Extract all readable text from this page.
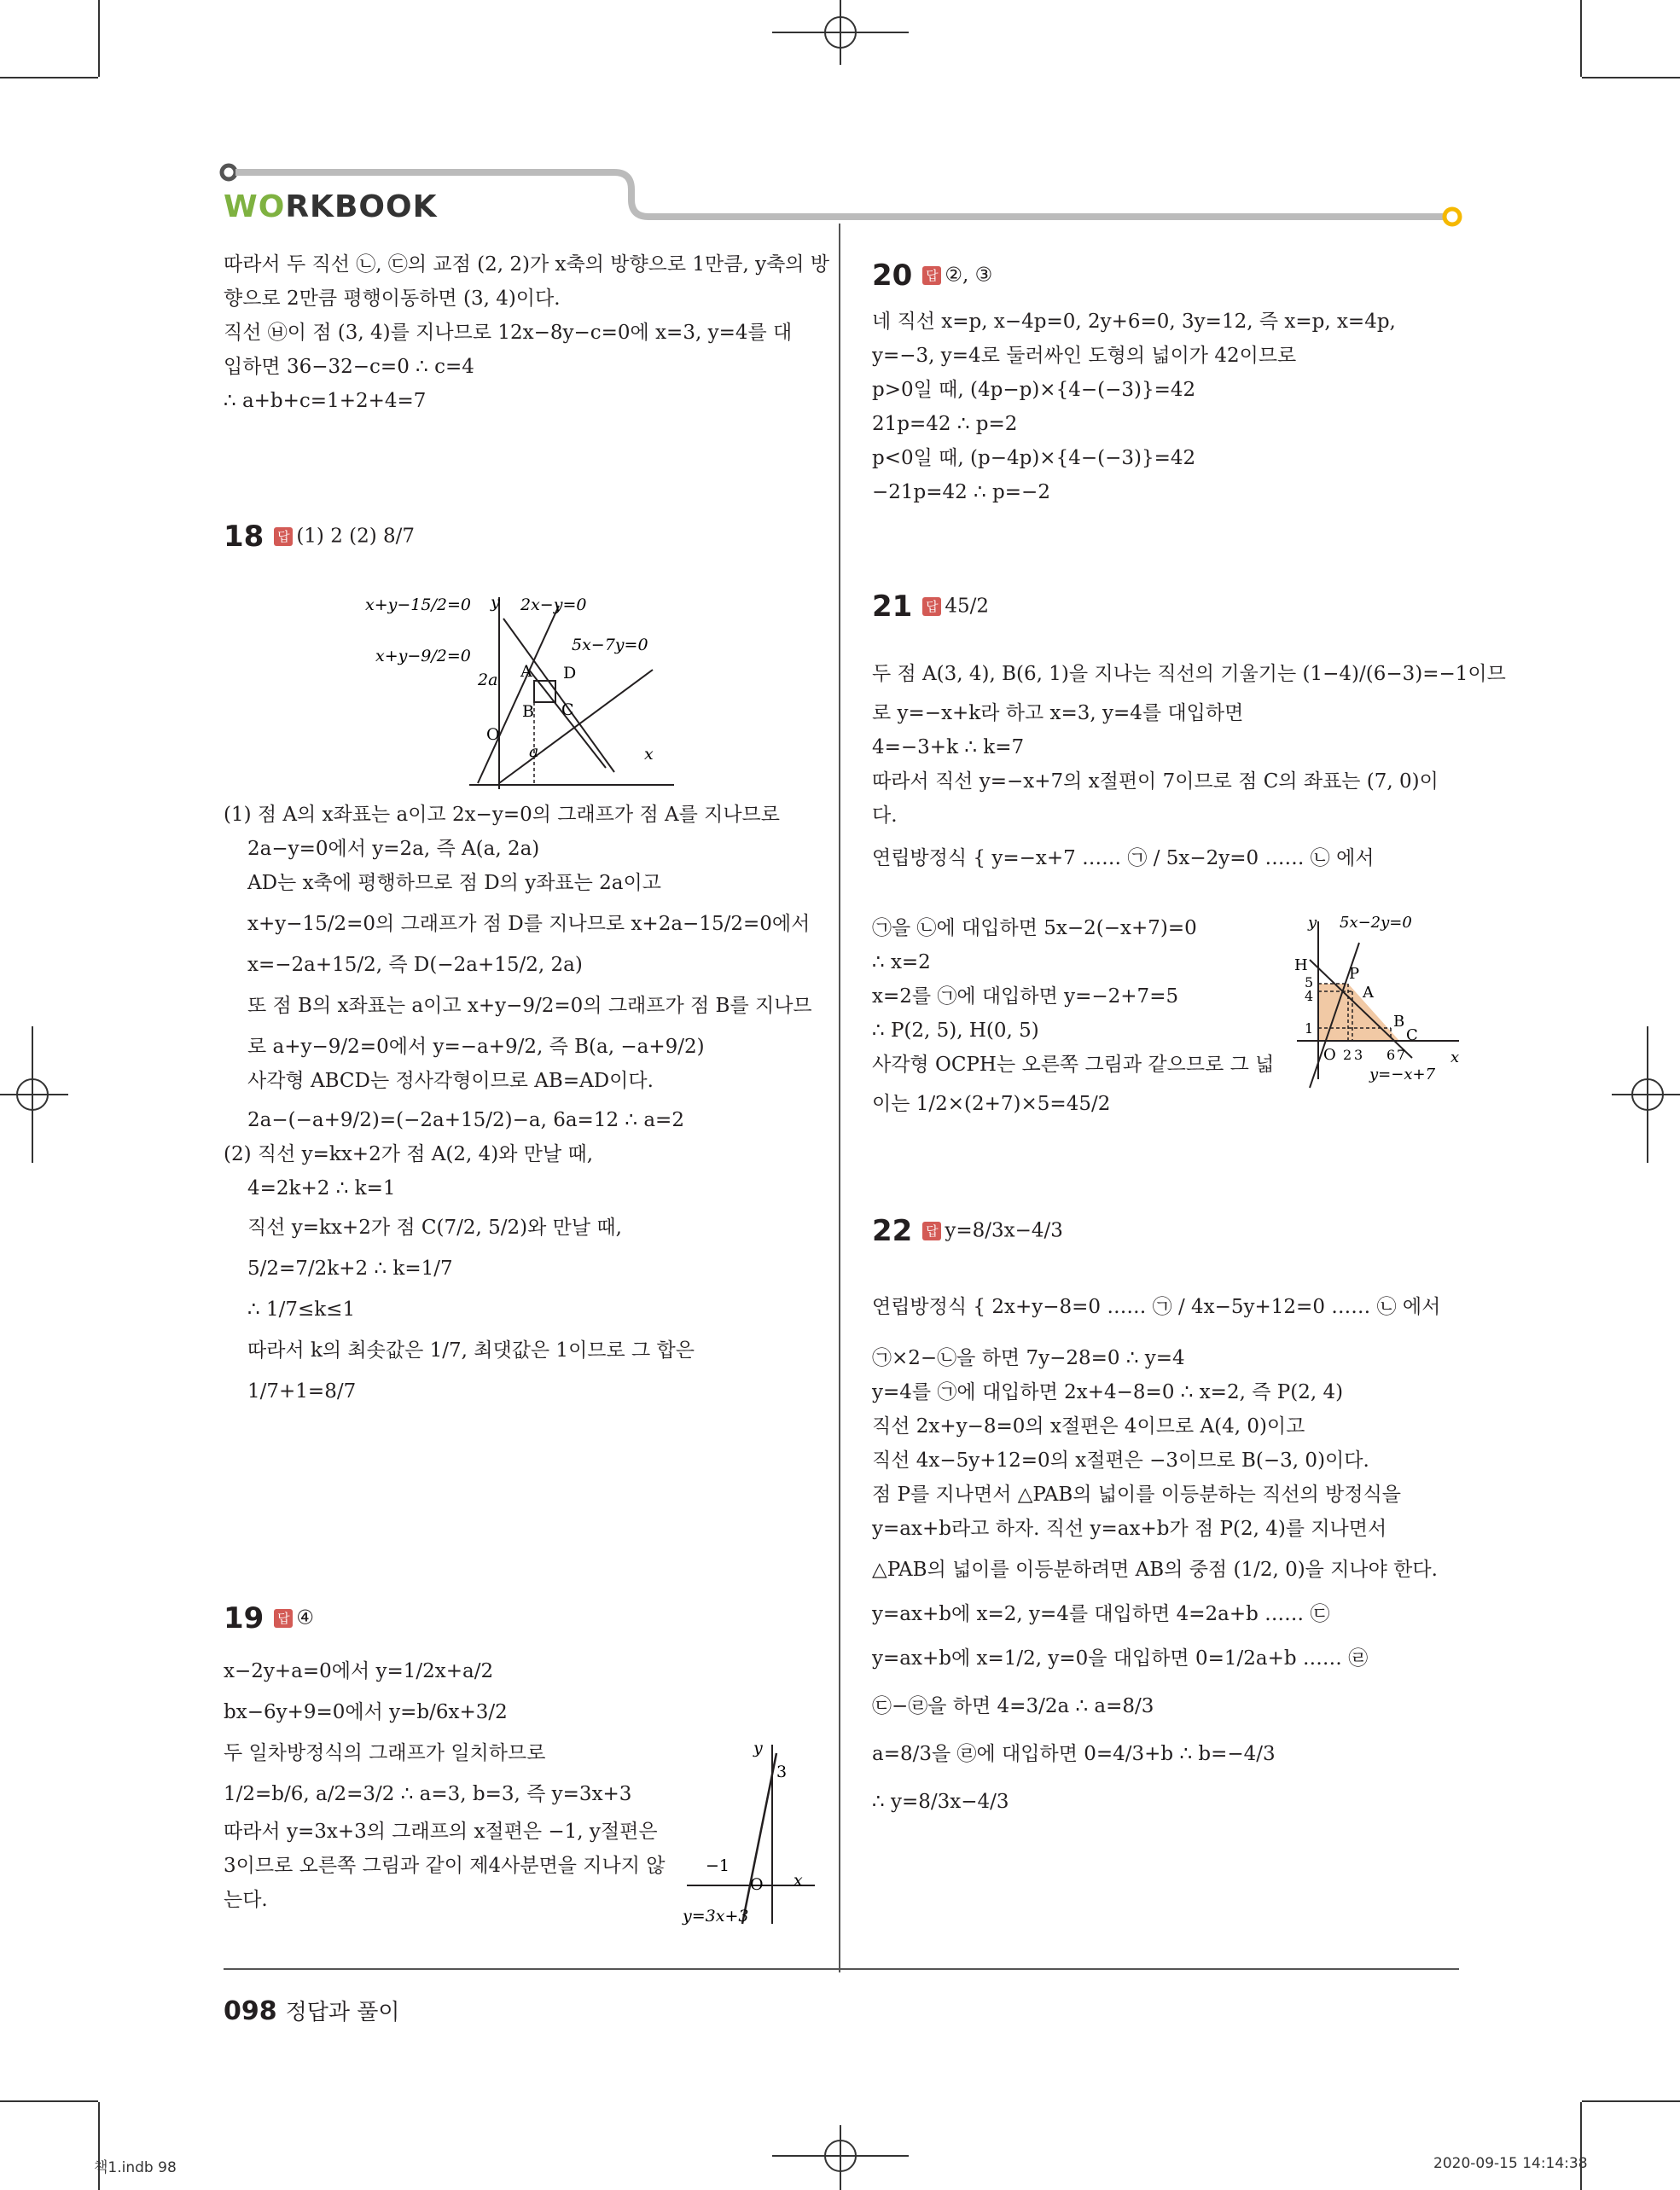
WORKBOOK

따라서 두 직선 ㉡, ㉢의 교점 (2, 2)가 x축의 방향으로 1만큼, y축의 방

향으로 2만큼 평행이동하면 (3, 4)이다.

직선 ㉥이 점 (3, 4)를 지나므로 12x−8y−c=0에 x=3, y=4를 대

입하면 36−32−c=0 ∴ c=4

∴ a+b+c=1+2+4=7

18 답 (1) 2 (2) 8/7
x+y−15/2=0	2x−y=0
x+y−9/2=0
5x−7y=0
y
x
O
a
2a A D
B C

(1) 점 A의 x좌표는 a이고 2x−y=0의 그래프가 점 A를 지나므로

2a−y=0에서 y=2a, 즉 A(a, 2a)

AD는 x축에 평행하므로 점 D의 y좌표는 2a이고

x+y−15/2=0의 그래프가 점 D를 지나므로 x+2a−15/2=0에서

x=−2a+15/2, 즉 D(−2a+15/2, 2a)

또 점 B의 x좌표는 a이고 x+y−9/2=0의 그래프가 점 B를 지나므

로 a+y−9/2=0에서 y=−a+9/2, 즉 B(a, −a+9/2)

사각형 ABCD는 정사각형이므로 AB=AD이다.

2a−(−a+9/2)=(−2a+15/2)−a, 6a=12 ∴ a=2

(2) 직선 y=kx+2가 점 A(2, 4)와 만날 때,

4=2k+2 ∴ k=1

직선 y=kx+2가 점 C(7/2, 5/2)와 만날 때,

5/2=7/2k+2 ∴ k=1/7

∴ 1/7≤k≤1

따라서 k의 최솟값은 1/7, 최댓값은 1이므로 그 합은

1/7+1=8/7

19 답 ④

x−2y+a=0에서 y=1/2x+a/2

bx−6y+9=0에서 y=b/6x+3/2

두 일차방정식의 그래프가 일치하므로

1/2=b/6, a/2=3/2 ∴ a=3, b=3, 즉 y=3x+3

따라서 y=3x+3의 그래프의 x절편은 −1, y절편은

3이므로 오른쪽 그림과 같이 제4사분면을 지나지 않

는다.

y
3
−1
O x
y=3x+3
20 답 ②, ③

네 직선 x=p, x−4p=0, 2y+6=0, 3y=12, 즉 x=p, x=4p,

y=−3, y=4로 둘러싸인 도형의 넓이가 42이므로

p>0일 때, (4p−p)×{4−(−3)}=42

21p=42 ∴ p=2

p<0일 때, (p−4p)×{4−(−3)}=42

−21p=42 ∴ p=−2

21 답 45/2

두 점 A(3, 4), B(6, 1)을 지나는 직선의 기울기는 (1−4)/(6−3)=−1이므

로 y=−x+k라 하고 x=3, y=4를 대입하면

4=−3+k ∴ k=7

따라서 직선 y=−x+7의 x절편이 7이므로 점 C의 좌표는 (7, 0)이

다.

연립방정식 { y=−x+7 …… ㉠ / 5x−2y=0 …… ㉡ 에서

㉠을 ㉡에 대입하면 5x−2(−x+7)=0

∴ x=2

x=2를 ㉠에 대입하면 y=−2+7=5

∴ P(2, 5), H(0, 5)

사각형 OCPH는 오른쪽 그림과 같으므로 그 넓

이는 1/2×(2+7)×5=45/2

y 5x−2y=0
H
5
4
P
A
1	B
C
O 2 3 6 7	x
y=−x+7
22 답 y=8/3x−4/3

연립방정식 { 2x+y−8=0 …… ㉠ / 4x−5y+12=0 …… ㉡ 에서

㉠×2−㉡을 하면 7y−28=0 ∴ y=4

y=4를 ㉠에 대입하면 2x+4−8=0 ∴ x=2, 즉 P(2, 4)

직선 2x+y−8=0의 x절편은 4이므로 A(4, 0)이고

직선 4x−5y+12=0의 x절편은 −3이므로 B(−3, 0)이다.

점 P를 지나면서 △PAB의 넓이를 이등분하는 직선의 방정식을

y=ax+b라고 하자. 직선 y=ax+b가 점 P(2, 4)를 지나면서

△PAB의 넓이를 이등분하려면 AB의 중점 (1/2, 0)을 지나야 한다.

y=ax+b에 x=2, y=4를 대입하면 4=2a+b …… ㉢

y=ax+b에 x=1/2, y=0을 대입하면 0=1/2a+b …… ㉣

㉢−㉣을 하면 4=3/2a ∴ a=8/3

a=8/3을 ㉣에 대입하면 0=4/3+b ∴ b=−4/3

∴ y=8/3x−4/3

098 정답과 풀이
책1.indb 98	2020-09-15 14:14:38
